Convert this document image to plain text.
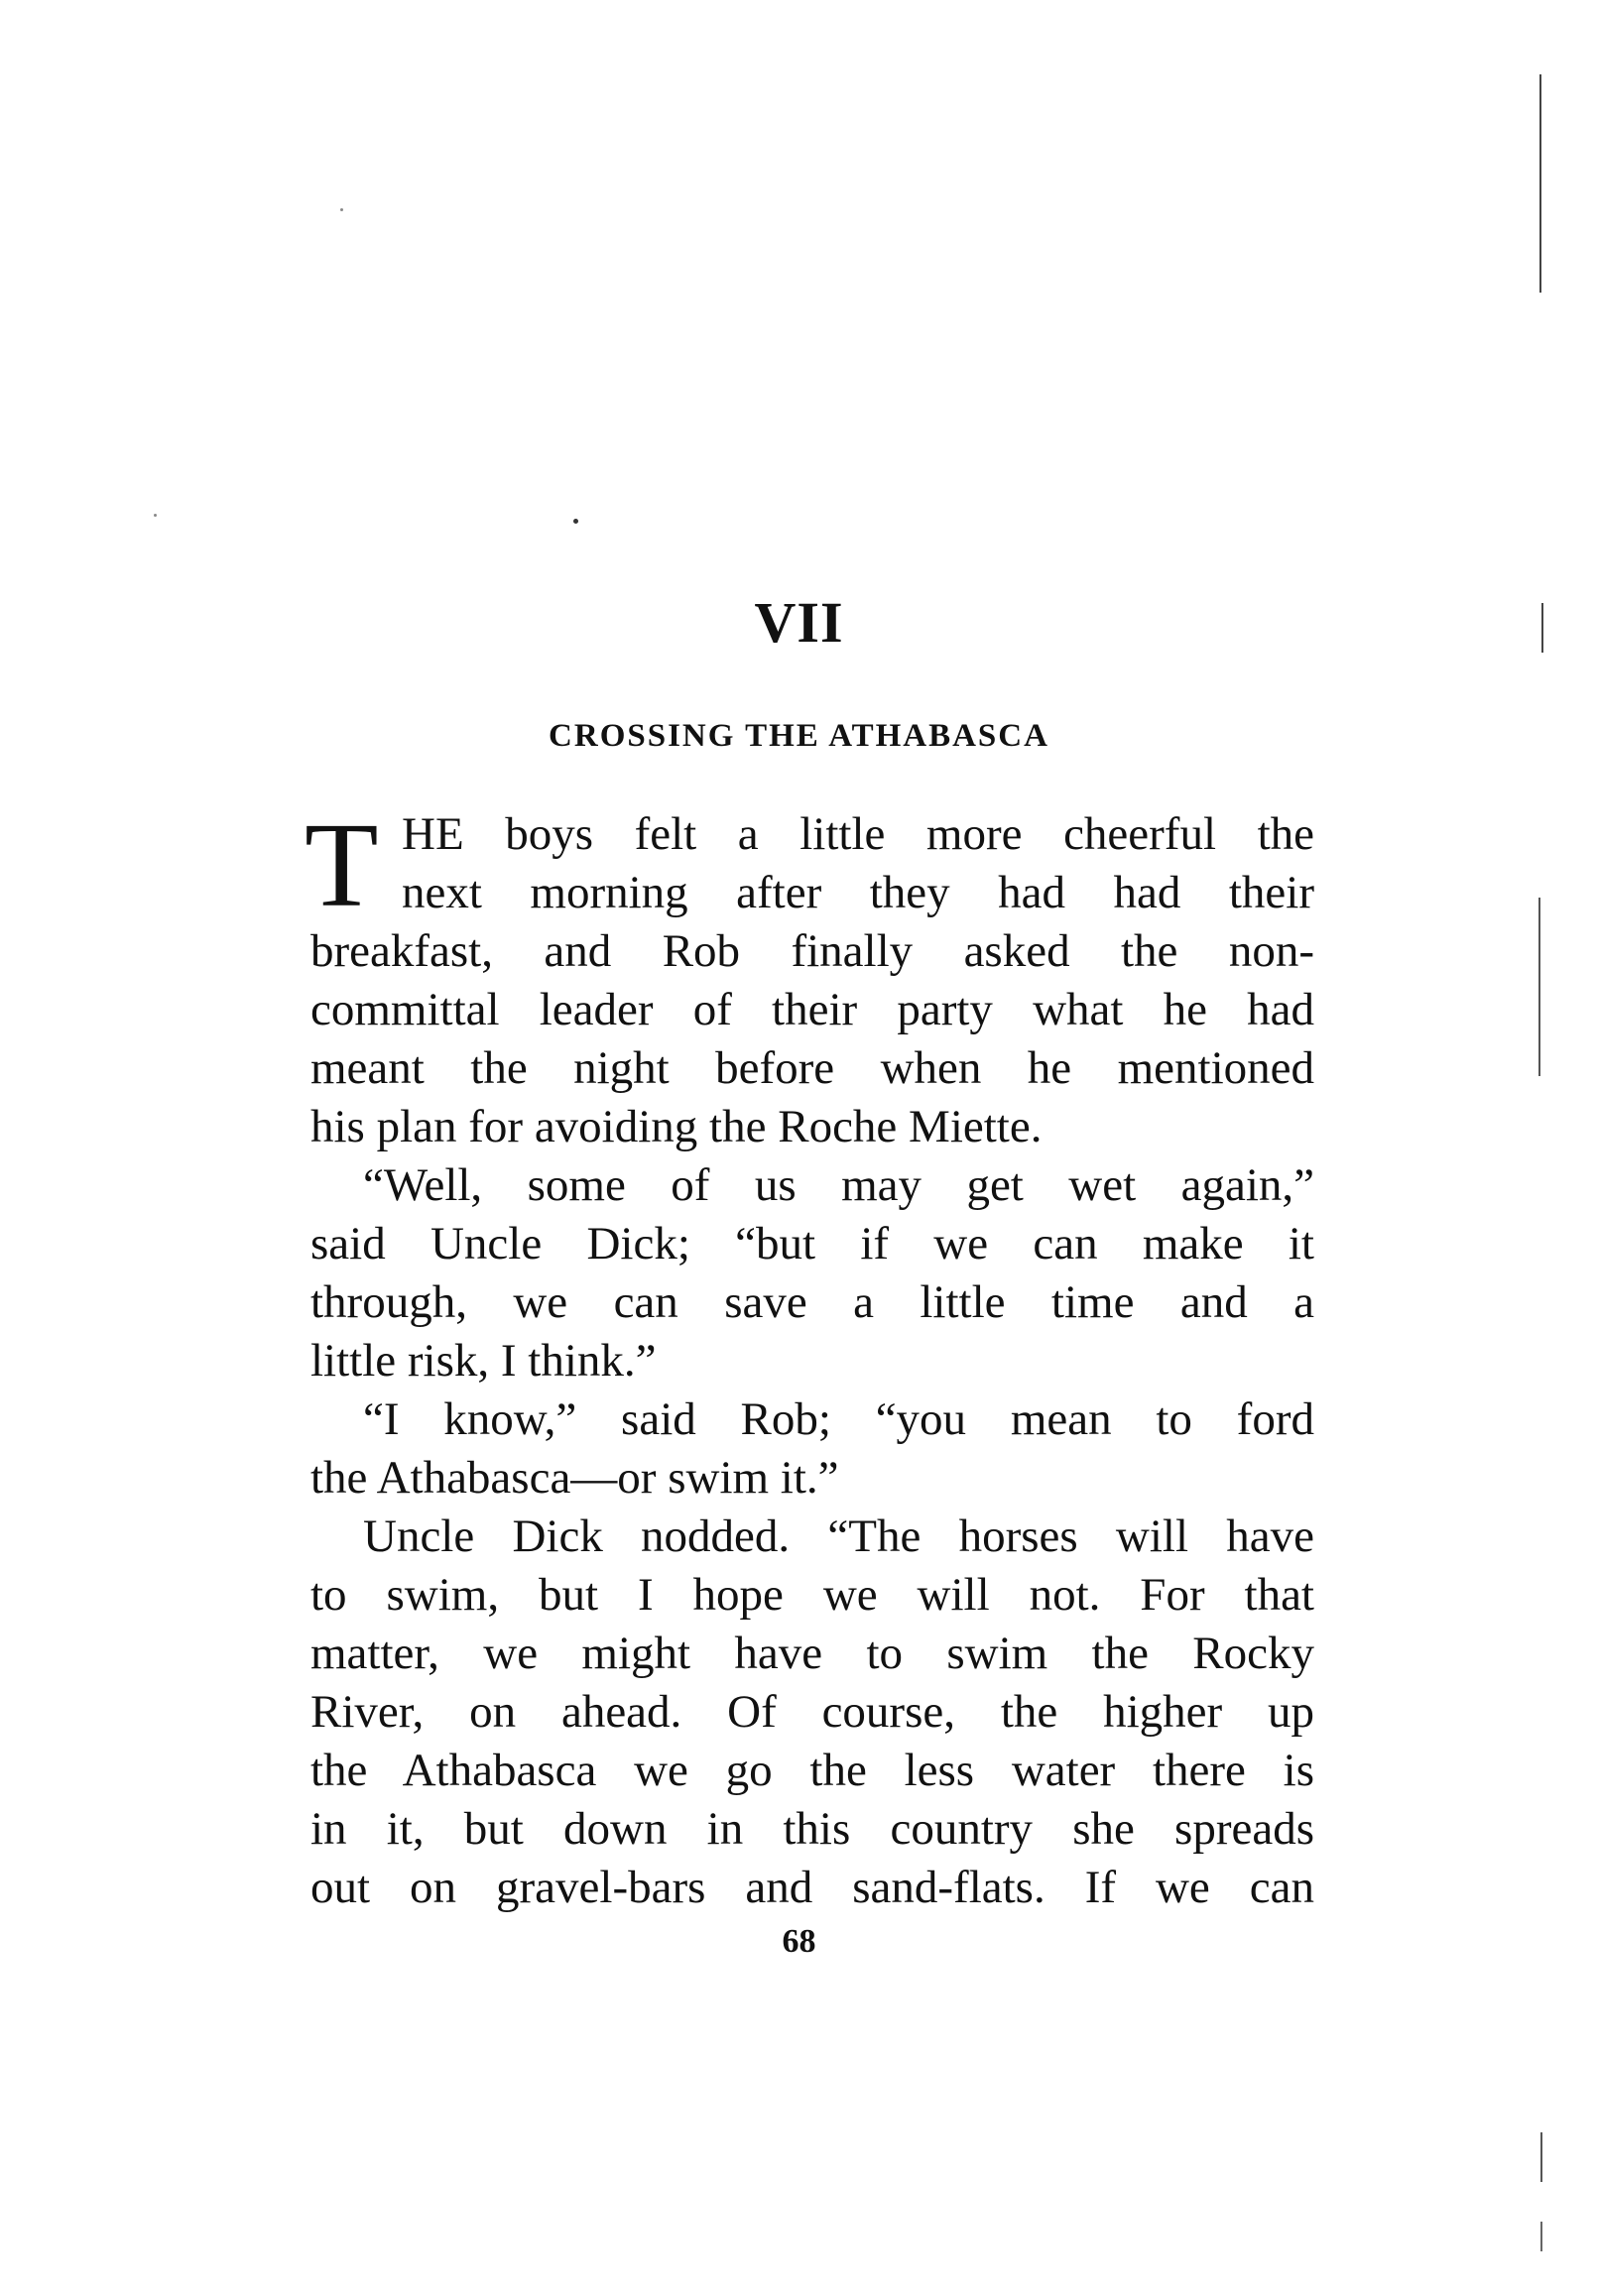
VII
CROSSING THE ATHABASCA
T HE boys felt a little more cheerful the
next morning after they had had their
breakfast, and Rob finally asked the non-
committal leader of their party what he had
meant the night before when he mentioned
his plan for avoiding the Roche Miette.
“Well, some of us may get wet again,”
said Uncle Dick; “but if we can make it
through, we can save a little time and a
little risk, I think.”
“I know,” said Rob; “you mean to ford
the Athabasca—or swim it.”
Uncle Dick nodded. “The horses will have
to swim, but I hope we will not. For that
matter, we might have to swim the Rocky
River, on ahead. Of course, the higher up
the Athabasca we go the less water there is
in it, but down in this country she spreads
out on gravel-bars and sand-flats. If we can
68
